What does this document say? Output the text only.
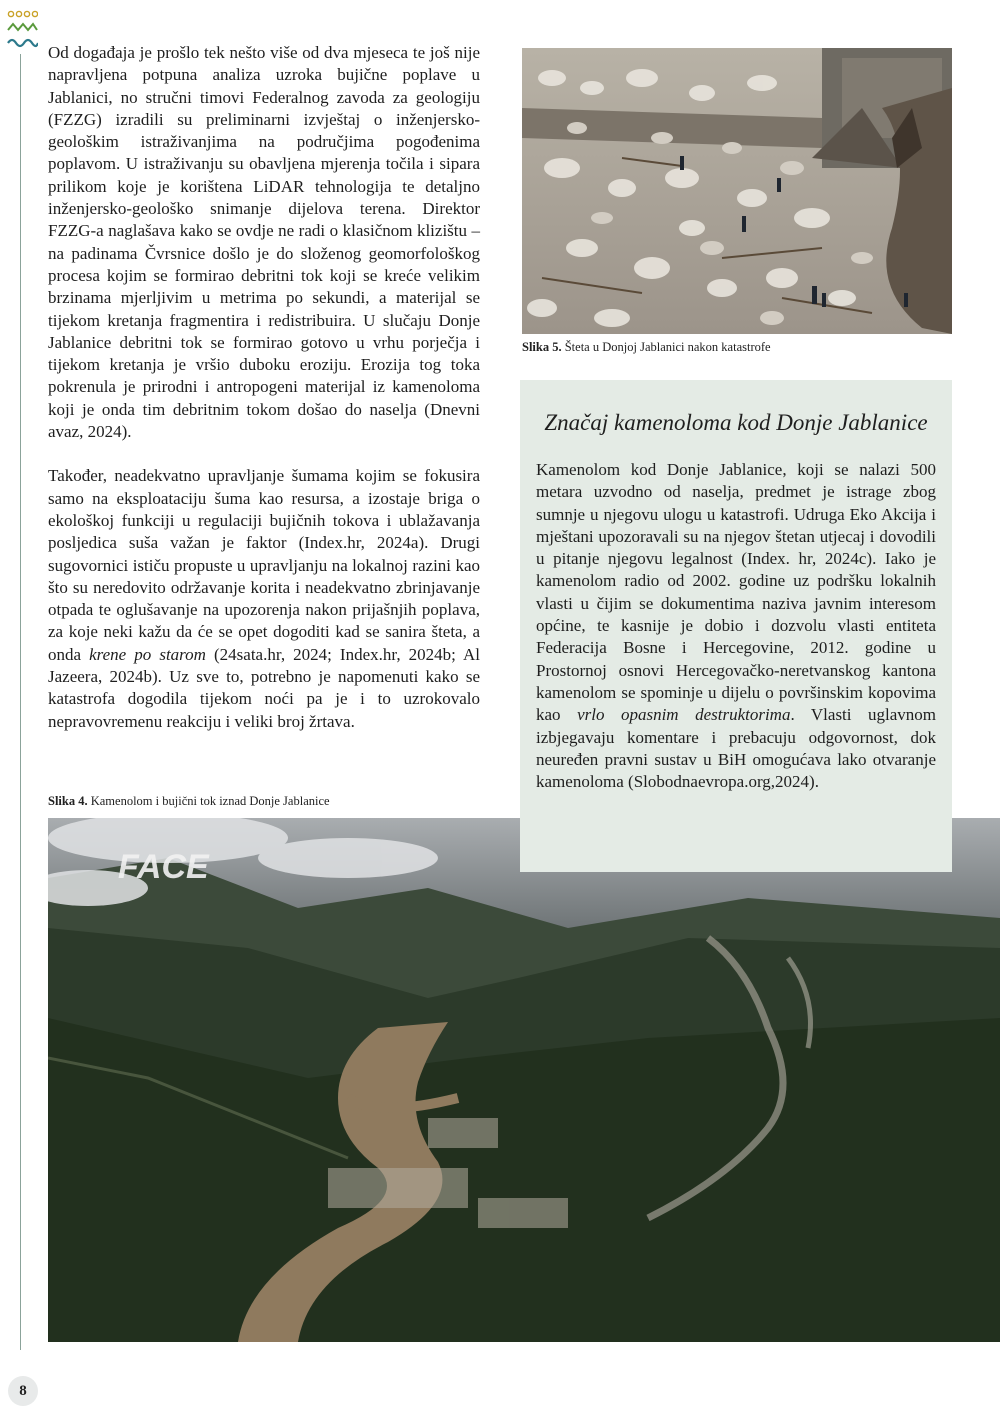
Od događaja je prošlo tek nešto više od dva mjeseca te još nije napravljena potpuna analiza uzroka bujične poplave u Jablanici, no stručni timovi Federalnog zavoda za geologiju (FZZG) izradili su preliminarni izvještaj o inženjersko-geološkim istraživanjima na područjima pogođenima poplavom. U istraživanju su obavljena mjerenja točila i sipara prilikom koje je korištena LiDAR tehnologija te detaljno inženjersko-geološko snimanje dijelova terena. Direktor FZZG-a naglašava kako se ovdje ne radi o klasičnom klizištu – na padinama Čvrsnice došlo je do složenog geomorfološkog procesa kojim se formirao debritni tok koji se kreće velikim brzinama mjerljivim u metrima po sekundi, a materijal se tijekom kretanja fragmentira i redistribuira. U slučaju Donje Jablanice debritni tok se formirao gotovo u vrhu porječja i tijekom kretanja je vršio duboku eroziju. Erozija tog toka pokrenula je prirodni i antropogeni materijal iz kamenoloma koji je onda tim debritnim tokom došao do naselja (Dnevni avaz, 2024).

Također, neadekvatno upravljanje šumama kojim se fokusira samo na eksploataciju šuma kao resursa, a izostaje briga o ekološkoj funkciji u regulaciji bujičnih tokova i ublažavanja posljedica suša važan je faktor (Index.hr, 2024a). Drugi sugovornici ističu propuste u upravljanju na lokalnoj razini kao što su neredovito održavanje korita i neadekvatno zbrinjavanje otpada te oglušavanje na upozorenja nakon prijašnjih poplava, za koje neki kažu da će se opet dogoditi kad se sanira šteta, a onda krene po starom (24sata.hr, 2024; Index.hr, 2024b; Al Jazeera, 2024b). Uz sve to, potrebno je napomenuti kako se katastrofa dogodila tijekom noći pa je i to uzrokovalo nepravovremenu reakciju i veliki broj žrtava.

Slika 4. Kamenolom i bujični tok iznad Donje Jablanice
Slika 5. Šteta u Donjoj Jablanici nakon katastrofe
FACE
Značaj kamenoloma kod Donje Jablanice

Kamenolom kod Donje Jablanice, koji se nalazi 500 metara uzvodno od naselja, predmet je istrage zbog sumnje u njegovu ulogu u katastrofi. Udruga Eko Akcija i mještani upozoravali su na njegov štetan utjecaj i dovodili u pitanje njegovu legalnost (Index. hr, 2024c). Iako je kamenolom radio od 2002. godine uz podršku lokalnih vlasti u čijim se dokumentima naziva javnim interesom općine, te kasnije je dobio i dozvolu vlasti entiteta Federacija Bosne i Hercegovine, 2012. godine u Prostornoj osnovi Hercegovačko-neretvanskog kantona kamenolom se spominje u dijelu o površinskim kopovima kao vrlo opasnim destruktorima. Vlasti uglavnom izbjegavaju komentare i prebacuju odgovornost, dok neuređen pravni sustav u BiH omogućava lako otvaranje kamenoloma (Slobodnaevropa.org,2024).

8
